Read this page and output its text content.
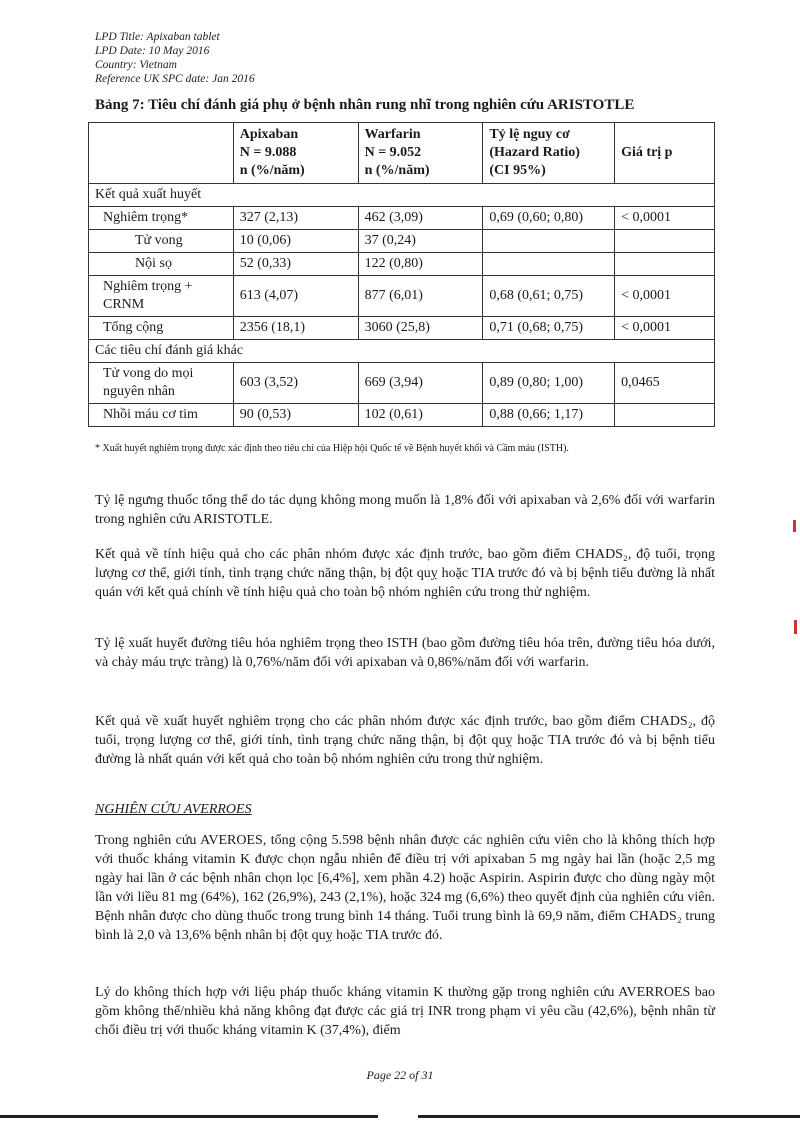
LPD Title: Apixaban tablet
LPD Date: 10 May 2016
Country: Vietnam
Reference UK SPC date: Jan 2016
Bảng 7: Tiêu chí đánh giá phụ ở bệnh nhân rung nhĩ trong nghiên cứu ARISTOTLE

	Apixaban
N = 9.088
n (%/năm)	Warfarin
N = 9.052
n (%/năm)	Tỷ lệ nguy cơ
(Hazard Ratio)
(CI 95%)	Giá trị p
Kết quả xuất huyết				
Nghiêm trọng*	327 (2,13)	462 (3,09)	0,69 (0,60; 0,80)	< 0,0001
Tử vong	10 (0,06)	37 (0,24)		
Nội sọ	52 (0,33)	122 (0,80)		
Nghiêm trọng + CRNM	613 (4,07)	877 (6,01)	0,68 (0,61; 0,75)	< 0,0001
Tổng cộng	2356 (18,1)	3060 (25,8)	0,71 (0,68; 0,75)	< 0,0001
Các tiêu chí đánh giá khác				
Tử vong do mọi nguyên nhân	603 (3,52)	669 (3,94)	0,89 (0,80; 1,00)	0,0465
Nhồi máu cơ tim	90 (0,53)	102 (0,61)	0,88 (0,66; 1,17)	
* Xuất huyết nghiêm trọng được xác định theo tiêu chí của Hiệp hội Quốc tế về Bệnh huyết khối và Cầm máu (ISTH).
Tỷ lệ ngưng thuốc tổng thể do tác dụng không mong muốn là 1,8% đối với apixaban và 2,6% đối với warfarin trong nghiên cứu ARISTOTLE.
Kết quả về tính hiệu quả cho các phân nhóm được xác định trước, bao gồm điểm CHADS₂, độ tuổi, trọng lượng cơ thể, giới tính, tình trạng chức năng thận, bị đột quỵ hoặc TIA trước đó và bị bệnh tiểu đường là nhất quán với kết quả chính về tính hiệu quả cho toàn bộ nhóm nghiên cứu trong thử nghiệm.
Tỷ lệ xuất huyết đường tiêu hóa nghiêm trọng theo ISTH (bao gồm đường tiêu hóa trên, đường tiêu hóa dưới, và chảy máu trực tràng) là 0,76%/năm đối với apixaban và 0,86%/năm đối với warfarin.
Kết quả về xuất huyết nghiêm trọng cho các phân nhóm được xác định trước, bao gồm điểm CHADS₂, độ tuổi, trọng lượng cơ thể, giới tính, tình trạng chức năng thận, bị đột quỵ hoặc TIA trước đó và bị bệnh tiểu đường là nhất quán với kết quả cho toàn bộ nhóm nghiên cứu trong thử nghiệm.
NGHIÊN CỨU AVERROES
Trong nghiên cứu AVEROES, tổng cộng 5.598 bệnh nhân được các nghiên cứu viên cho là không thích hợp với thuốc kháng vitamin K được chọn ngẫu nhiên để điều trị với apixaban 5 mg ngày hai lần (hoặc 2,5 mg ngày hai lần ở các bệnh nhân chọn lọc [6,4%], xem phần 4.2) hoặc Aspirin. Aspirin được cho dùng ngày một lần với liều 81 mg (64%), 162 (26,9%), 243 (2,1%), hoặc 324 mg (6,6%) theo quyết định của nghiên cứu viên. Bệnh nhân được cho dùng thuốc trong trung bình 14 tháng. Tuổi trung bình là 69,9 năm, điểm CHADS₂ trung bình là 2,0 và 13,6% bệnh nhân bị đột quỵ hoặc TIA trước đó.
Lý do không thích hợp với liệu pháp thuốc kháng vitamin K thường gặp trong nghiên cứu AVERROES bao gồm không thể/nhiều khả năng không đạt được các giá trị INR trong phạm vi yêu cầu (42,6%), bệnh nhân từ chối điều trị với thuốc kháng vitamin K (37,4%), điểm
Page 22 of 31
